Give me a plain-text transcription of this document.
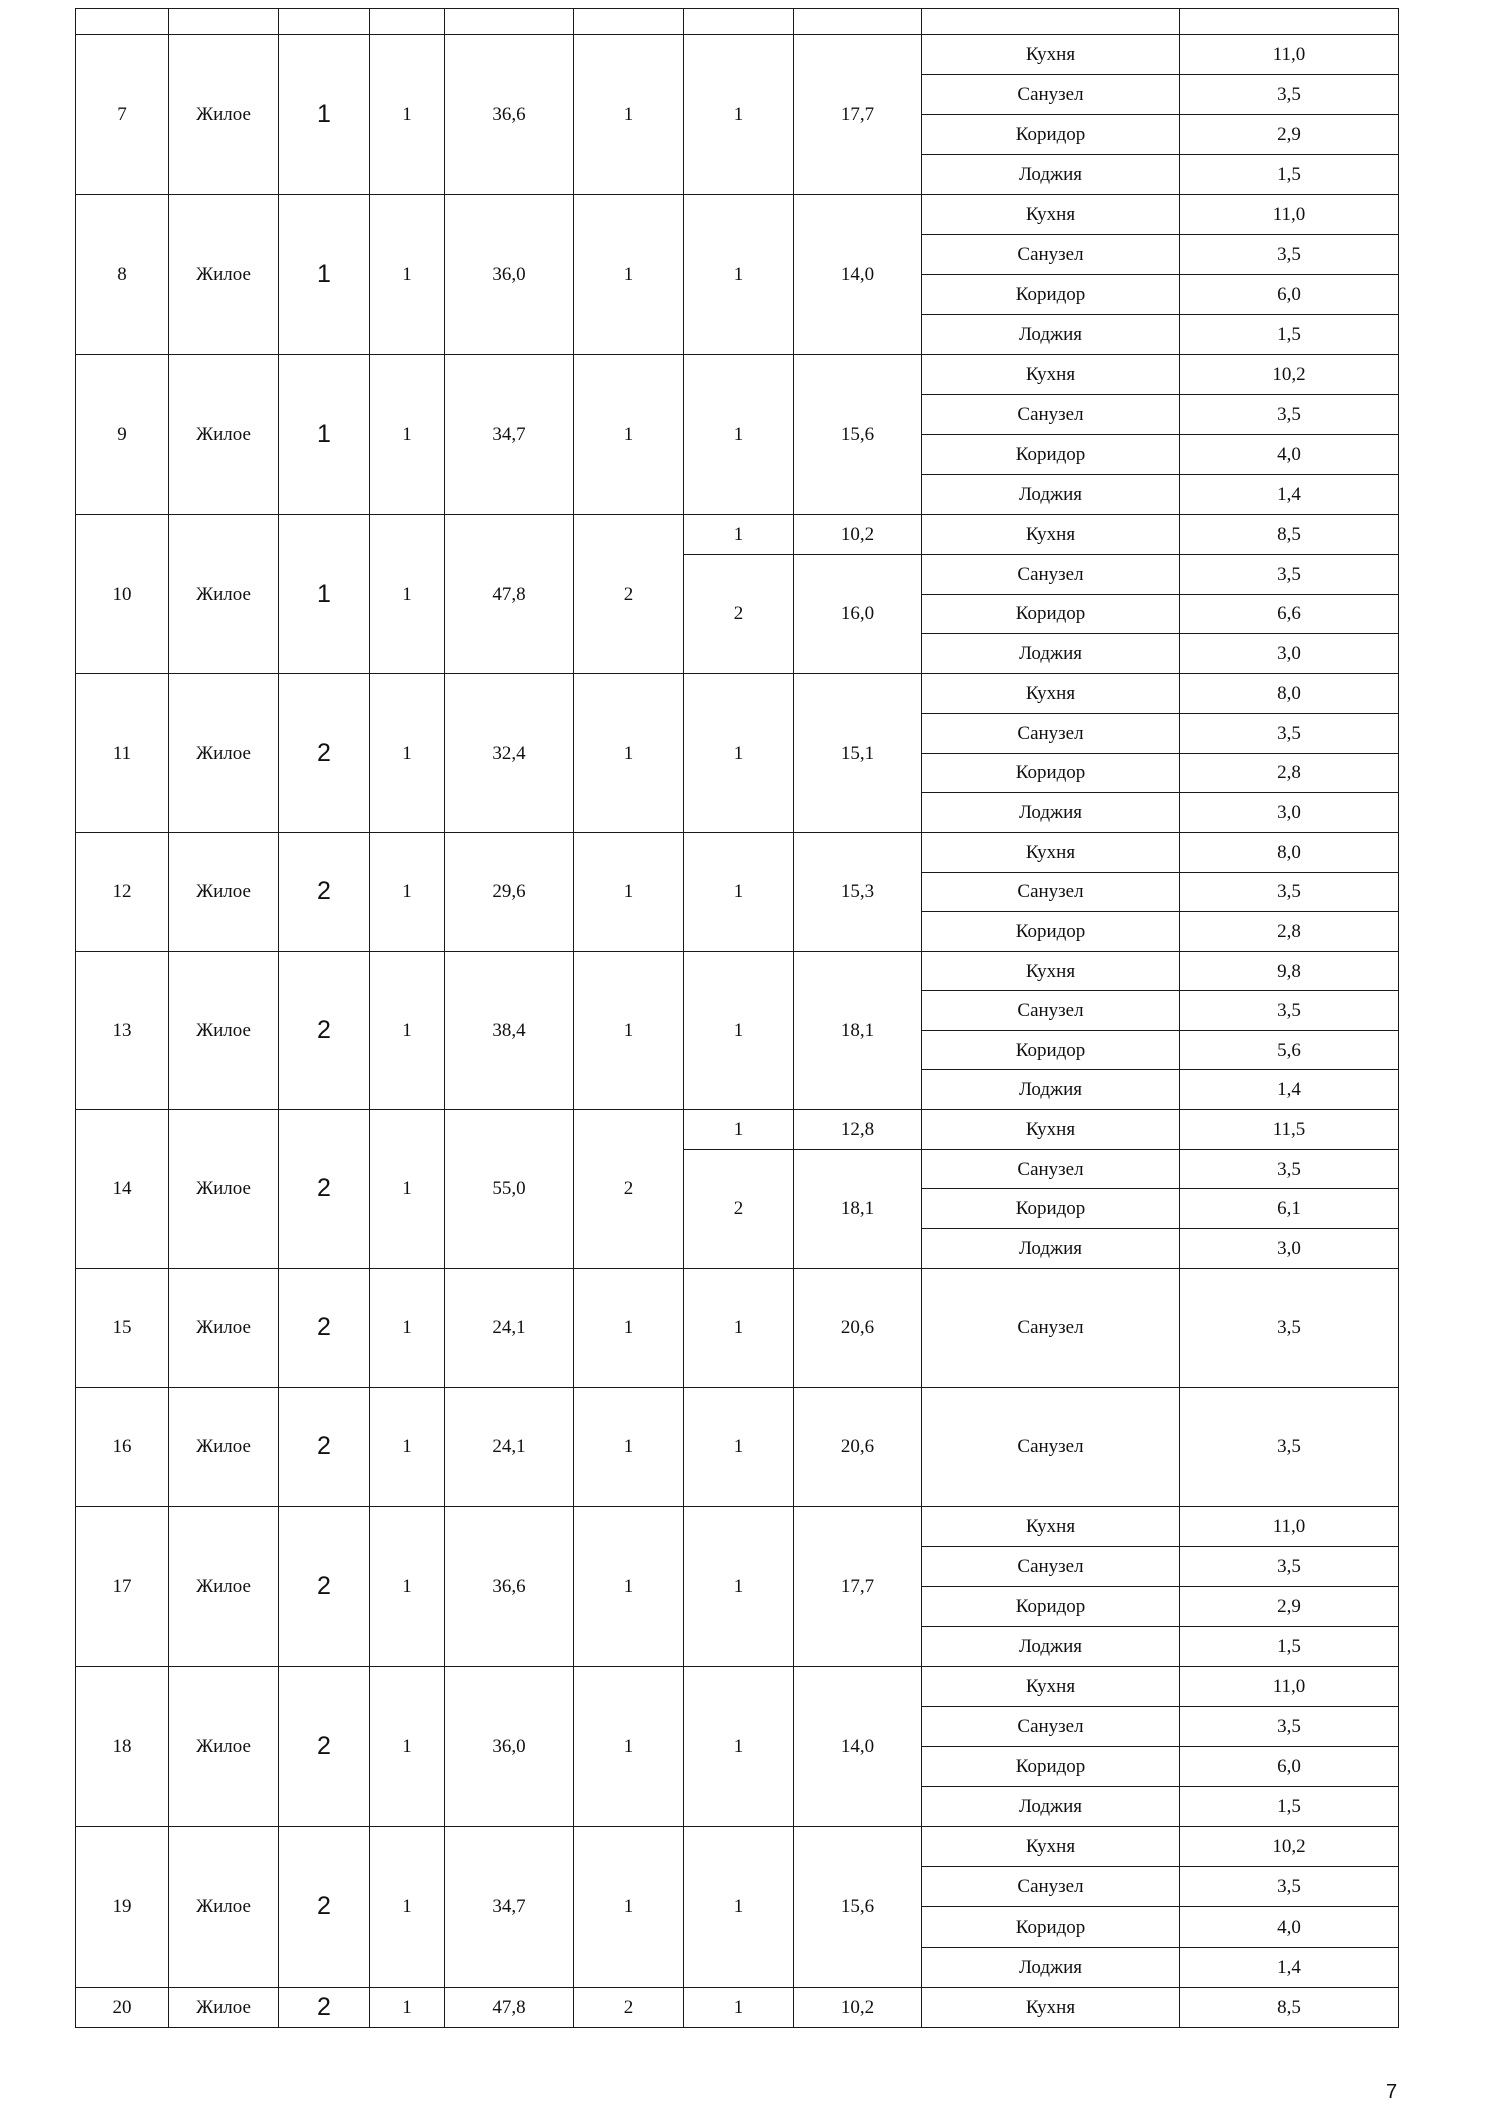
7	Жилое	1	1	36,6	1	1	17,7	Кухня	11,0
								Санузел	3,5
								Коридор	2,9
								Лоджия	1,5
8	Жилое	1	1	36,0	1	1	14,0	Кухня	11,0
								Санузел	3,5
								Коридор	6,0
								Лоджия	1,5
9	Жилое	1	1	34,7	1	1	15,6	Кухня	10,2
								Санузел	3,5
								Коридор	4,0
								Лоджия	1,4
10	Жилое	1	1	47,8	2	1	10,2	Кухня	8,5
						2	16,0	Санузел	3,5
								Коридор	6,6
								Лоджия	3,0
11	Жилое	2	1	32,4	1	1	15,1	Кухня	8,0
								Санузел	3,5
								Коридор	2,8
								Лоджия	3,0
12	Жилое	2	1	29,6	1	1	15,3	Кухня	8,0
								Санузел	3,5
								Коридор	2,8
13	Жилое	2	1	38,4	1	1	18,1	Кухня	9,8
								Санузел	3,5
								Коридор	5,6
								Лоджия	1,4
14	Жилое	2	1	55,0	2	1	12,8	Кухня	11,5
						2	18,1	Санузел	3,5
								Коридор	6,1
								Лоджия	3,0
15	Жилое	2	1	24,1	1	1	20,6	Санузел	3,5
16	Жилое	2	1	24,1	1	1	20,6	Санузел	3,5
17	Жилое	2	1	36,6	1	1	17,7	Кухня	11,0
								Санузел	3,5
								Коридор	2,9
								Лоджия	1,5
18	Жилое	2	1	36,0	1	1	14,0	Кухня	11,0
								Санузел	3,5
								Коридор	6,0
								Лоджия	1,5
19	Жилое	2	1	34,7	1	1	15,6	Кухня	10,2
								Санузел	3,5
								Коридор	4,0
								Лоджия	1,4
20	Жилое	2	1	47,8	2	1	10,2	Кухня	8,5
7
